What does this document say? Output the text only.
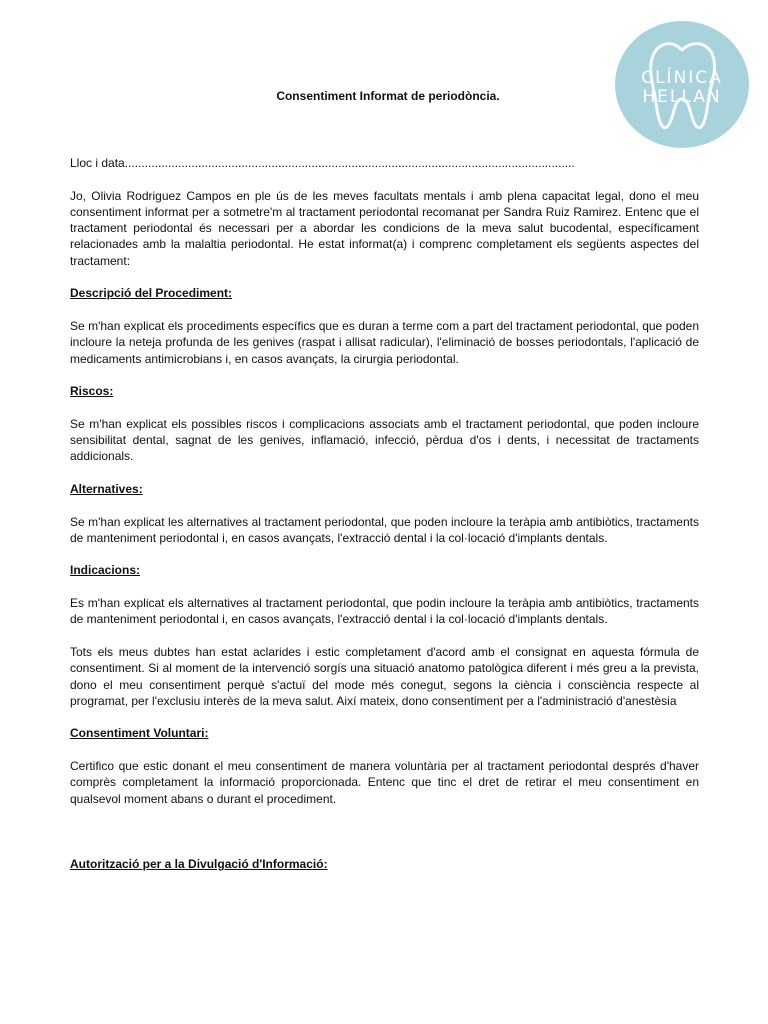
CLÍNICA
HELLAN
Consentiment Informat de periodòncia.

Lloc i data.......................................................................................................................................

Jo, Olivia Rodriguez Campos en ple ús de les meves facultats mentals i amb plena capacitat legal, dono el meu consentiment informat per a sotmetre'm al tractament periodontal recomanat per Sandra Ruiz Ramirez. Entenc que el tractament periodontal és necessari per a abordar les condicions de la meva salut bucodental, específicament relacionades amb la malaltia periodontal. He estat informat(a) i comprenc completament els següents aspectes del tractament:

Descripció del Procediment:

Se m'han explicat els procediments específics que es duran a terme com a part del tractament periodontal, que poden incloure la neteja profunda de les genives (raspat i allisat radicular), l'eliminació de bosses periodontals, l'aplicació de medicaments antimicrobians i, en casos avançats, la cirurgia periodontal.

Riscos:

Se m'han explicat els possibles riscos i complicacions associats amb el tractament periodontal, que poden incloure sensibilitat dental, sagnat de les genives, inflamació, infecció, pèrdua d'os i dents, i necessitat de tractaments addicionals.

Alternatives:

Se m'han explicat les alternatives al tractament periodontal, que poden incloure la teràpia amb antibiòtics, tractaments de manteniment periodontal i, en casos avançats, l'extracció dental i la col·locació d'implants dentals.

Indicacions:

Es m'han explicat els alternatives al tractament periodontal, que podin incloure la teràpia amb antibiòtics, tractaments de manteniment periodontal i, en casos avançats, l'extracció dental i la col·locació d'implants dentals.

Tots els meus dubtes han estat aclarides i estic completament d'acord amb el consignat en aquesta fórmula de consentiment. Si al moment de la intervenció sorgís una situació anatomo patològica diferent i més greu a la prevista, dono el meu consentiment perquè s'actuï del mode més conegut, segons la ciència i consciència respecte al programat, per l'exclusiu interès de la meva salut. Així mateix, dono consentiment per a l'administració d'anestèsia

Consentiment Voluntari:

Certifico que estic donant el meu consentiment de manera voluntària per al tractament periodontal després d'haver comprès completament la informació proporcionada. Entenc que tinc el dret de retirar el meu consentiment en qualsevol moment abans o durant el procediment.

Autorització per a la Divulgació d'Informació:
